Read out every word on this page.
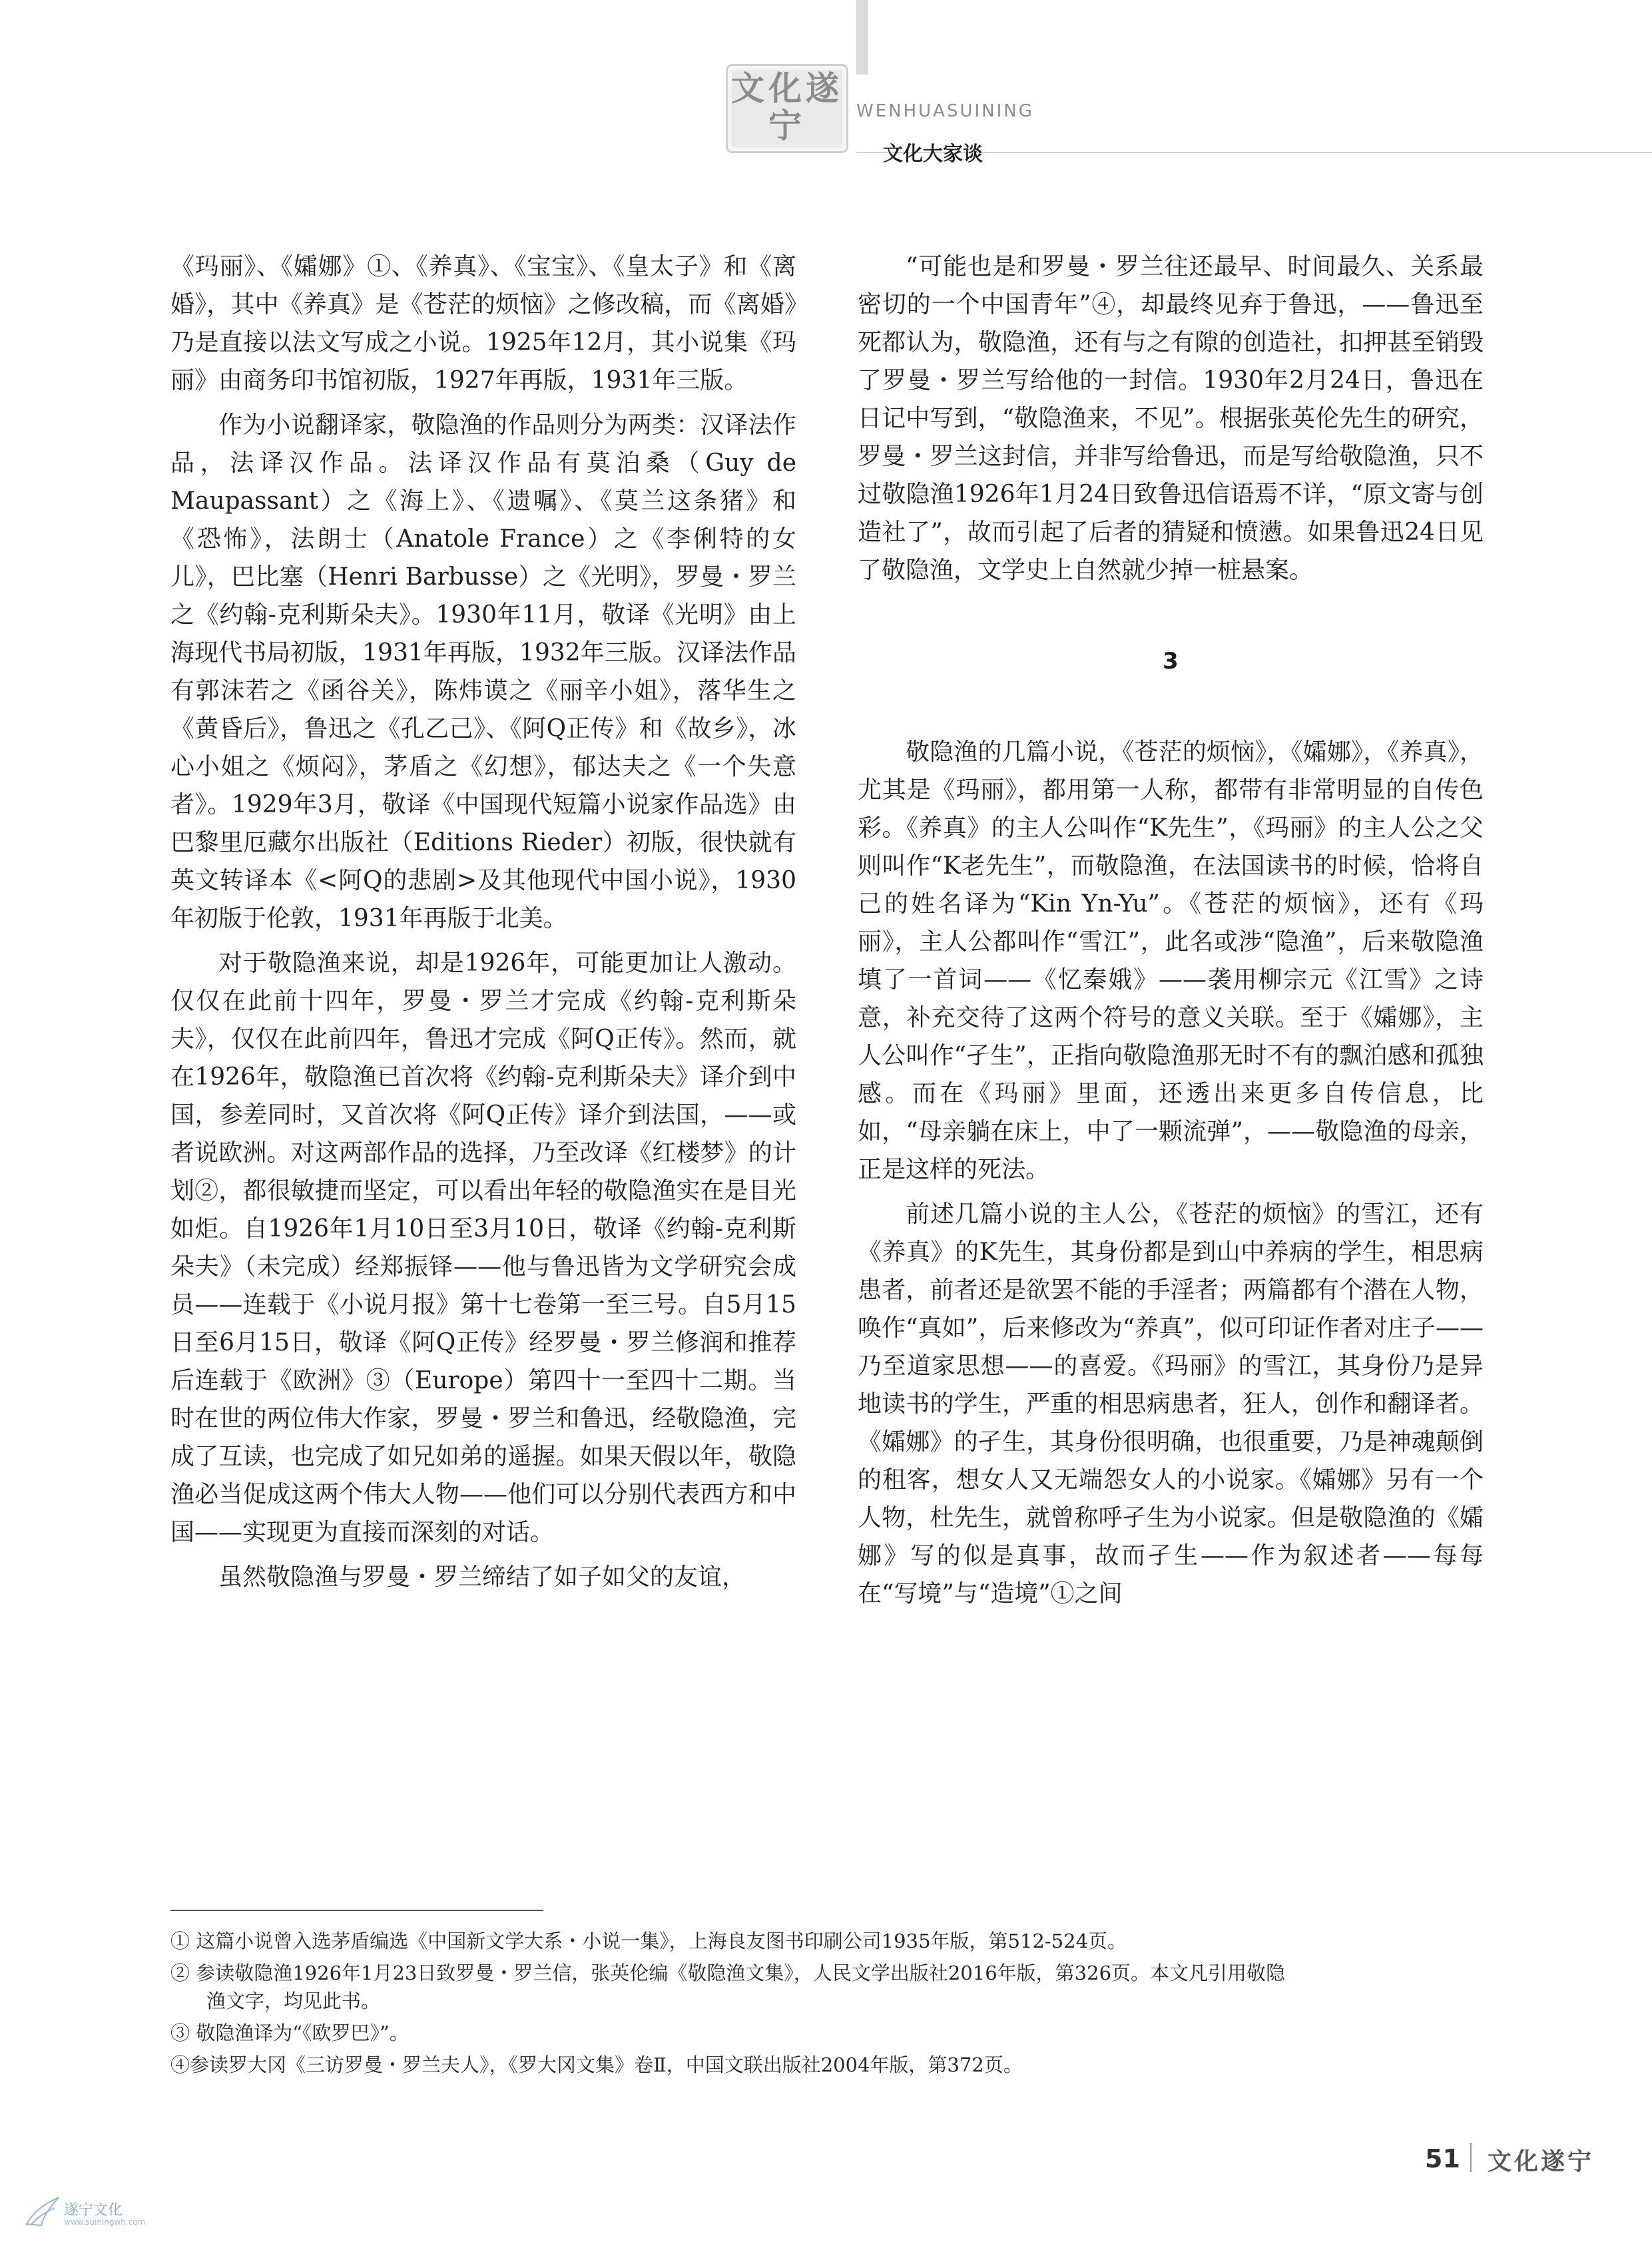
文化遂宁	WENHUASUINING
文化大家谈

《玛丽》、《孀娜》①、《养真》、《宝宝》、《皇太子》和《离婚》，其中《养真》是《苍茫的烦恼》之修改稿，而《离婚》乃是直接以法文写成之小说。1925年12月，其小说集《玛丽》由商务印书馆初版，1927年再版，1931年三版。

作为小说翻译家，敬隐渔的作品则分为两类：汉译法作品，法译汉作品。法译汉作品有莫泊桑（Guy de Maupassant）之《海上》、《遗嘱》、《莫兰这条猪》和《恐怖》，法朗士（Anatole France）之《李俐特的女儿》，巴比塞（Henri Barbusse）之《光明》，罗曼・罗兰之《约翰-克利斯朵夫》。1930年11月，敬译《光明》由上海现代书局初版，1931年再版，1932年三版。汉译法作品有郭沫若之《函谷关》，陈炜谟之《丽辛小姐》，落华生之《黄昏后》，鲁迅之《孔乙己》、《阿Q正传》和《故乡》，冰心小姐之《烦闷》，茅盾之《幻想》，郁达夫之《一个失意者》。1929年3月，敬译《中国现代短篇小说家作品选》由巴黎里厄藏尔出版社（Editions Rieder）初版，很快就有英文转译本《<阿Q的悲剧>及其他现代中国小说》，1930年初版于伦敦，1931年再版于北美。

对于敬隐渔来说，却是1926年，可能更加让人激动。仅仅在此前十四年，罗曼・罗兰才完成《约翰-克利斯朵夫》，仅仅在此前四年，鲁迅才完成《阿Q正传》。然而，就在1926年，敬隐渔已首次将《约翰-克利斯朵夫》译介到中国，参差同时，又首次将《阿Q正传》译介到法国，——或者说欧洲。对这两部作品的选择，乃至改译《红楼梦》的计划②，都很敏捷而坚定，可以看出年轻的敬隐渔实在是目光如炬。自1926年1月10日至3月10日，敬译《约翰-克利斯朵夫》（未完成）经郑振铎——他与鲁迅皆为文学研究会成员——连载于《小说月报》第十七卷第一至三号。自5月15日至6月15日，敬译《阿Q正传》经罗曼・罗兰修润和推荐后连载于《欧洲》③（Europe）第四十一至四十二期。当时在世的两位伟大作家，罗曼・罗兰和鲁迅，经敬隐渔，完成了互读，也完成了如兄如弟的遥握。如果天假以年，敬隐渔必当促成这两个伟大人物——他们可以分别代表西方和中国——实现更为直接而深刻的对话。

虽然敬隐渔与罗曼・罗兰缔结了如子如父的友谊，

“可能也是和罗曼・罗兰往还最早、时间最久、关系最密切的一个中国青年”④，却最终见弃于鲁迅，——鲁迅至死都认为，敬隐渔，还有与之有隙的创造社，扣押甚至销毁了罗曼・罗兰写给他的一封信。1930年2月24日，鲁迅在日记中写到，“敬隐渔来，不见”。根据张英伦先生的研究，罗曼・罗兰这封信，并非写给鲁迅，而是写给敬隐渔，只不过敬隐渔1926年1月24日致鲁迅信语焉不详，“原文寄与创造社了”，故而引起了后者的猜疑和愤懑。如果鲁迅24日见了敬隐渔，文学史上自然就少掉一桩悬案。

3

敬隐渔的几篇小说，《苍茫的烦恼》，《孀娜》，《养真》，尤其是《玛丽》，都用第一人称，都带有非常明显的自传色彩。《养真》的主人公叫作“K先生”，《玛丽》的主人公之父则叫作“K老先生”，而敬隐渔，在法国读书的时候，恰将自己的姓名译为“Kin Yn-Yu”。《苍茫的烦恼》，还有《玛丽》，主人公都叫作“雪江”，此名或涉“隐渔”，后来敬隐渔填了一首词——《忆秦娥》——袭用柳宗元《江雪》之诗意，补充交待了这两个符号的意义关联。至于《孀娜》，主人公叫作“孑生”，正指向敬隐渔那无时不有的飘泊感和孤独感。而在《玛丽》里面，还透出来更多自传信息，比如，“母亲躺在床上，中了一颗流弹”，——敬隐渔的母亲，正是这样的死法。

前述几篇小说的主人公，《苍茫的烦恼》的雪江，还有《养真》的K先生，其身份都是到山中养病的学生，相思病患者，前者还是欲罢不能的手淫者；两篇都有个潜在人物，唤作“真如”，后来修改为“养真”，似可印证作者对庄子——乃至道家思想——的喜爱。《玛丽》的雪江，其身份乃是异地读书的学生，严重的相思病患者，狂人，创作和翻译者。《孀娜》的孑生，其身份很明确，也很重要，乃是神魂颠倒的租客，想女人又无端怨女人的小说家。《孀娜》另有一个人物，杜先生，就曾称呼孑生为小说家。但是敬隐渔的《孀娜》写的似是真事，故而孑生——作为叙述者——每每在“写境”与“造境”①之间

① 这篇小说曾入选茅盾编选《中国新文学大系・小说一集》，上海良友图书印刷公司1935年版，第512-524页。

② 参读敬隐渔1926年1月23日致罗曼・罗兰信，张英伦编《敬隐渔文集》，人民文学出版社2016年版，第326页。本文凡引用敬隐
渔文字，均见此书。

③ 敬隐渔译为“《欧罗巴》”。

④参读罗大冈《三访罗曼・罗兰夫人》，《罗大冈文集》卷Ⅱ，中国文联出版社2004年版，第372页。

51 文化遂宁
遂宁文化
www.suiningwh.com
